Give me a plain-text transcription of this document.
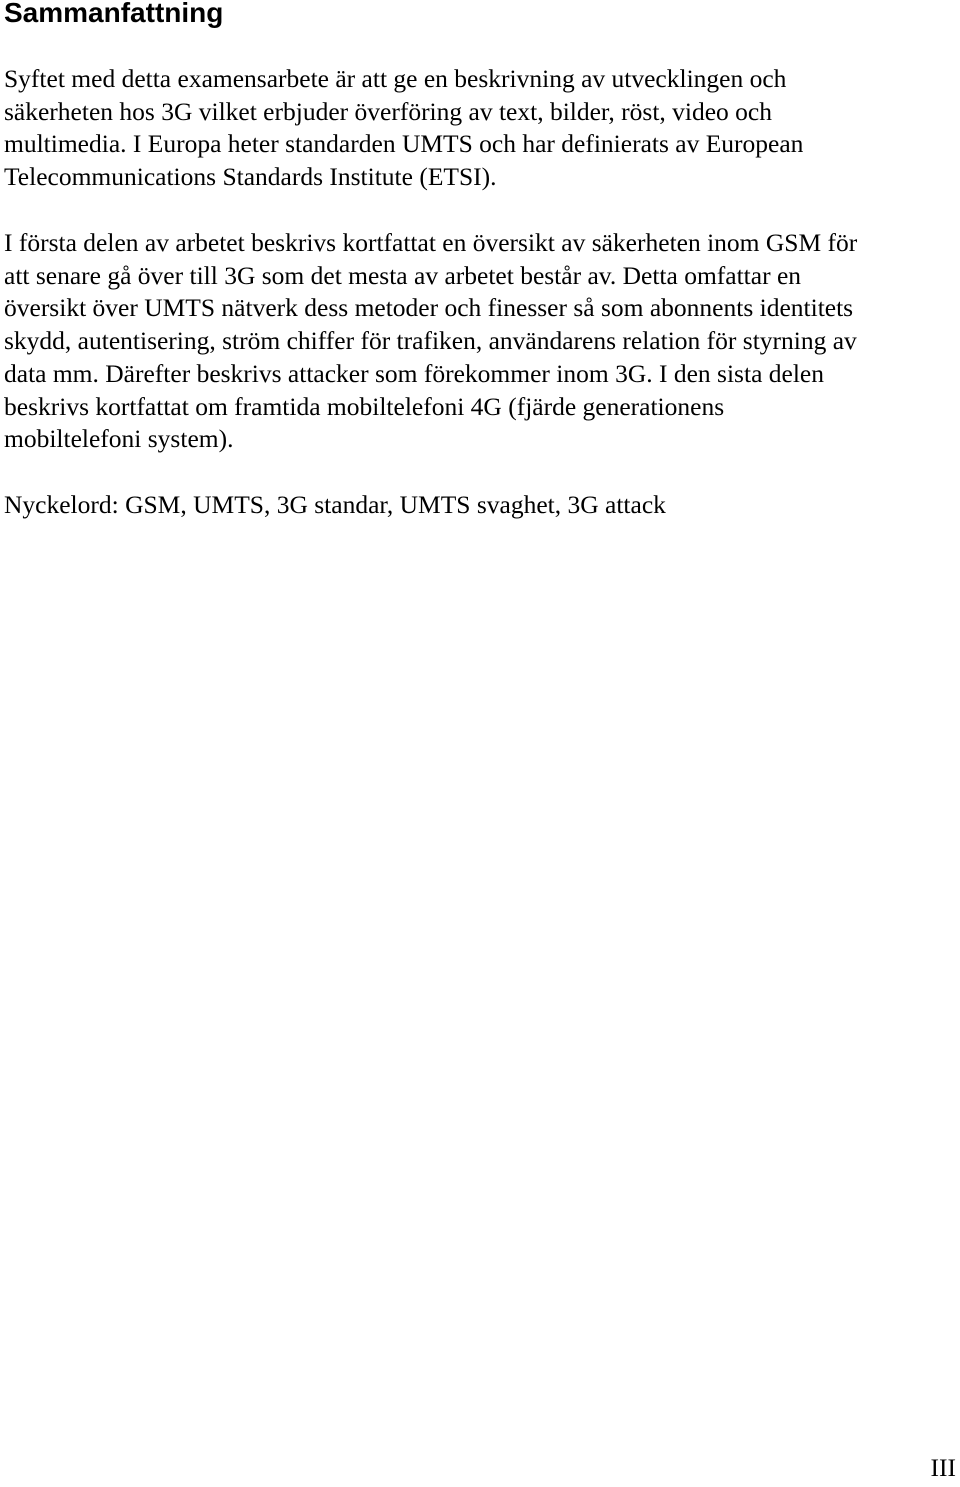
Sammanfattning

Syftet med detta examensarbete är att ge en beskrivning av utvecklingen och
säkerheten hos 3G vilket erbjuder överföring av text, bilder, röst, video och
multimedia. I Europa heter standarden UMTS och har definierats av European
Telecommunications Standards Institute (ETSI).

I första delen av arbetet beskrivs kortfattat en översikt av säkerheten inom GSM för
att senare gå över till 3G som det mesta av arbetet består av. Detta omfattar en
översikt över UMTS nätverk dess metoder och finesser så som abonnents identitets
skydd, autentisering, ström chiffer för trafiken, användarens relation för styrning av
data mm. Därefter beskrivs attacker som förekommer inom 3G. I den sista delen
beskrivs kortfattat om framtida mobiltelefoni 4G (fjärde generationens
mobiltelefoni system).

Nyckelord: GSM, UMTS, 3G standar, UMTS svaghet, 3G attack

III
